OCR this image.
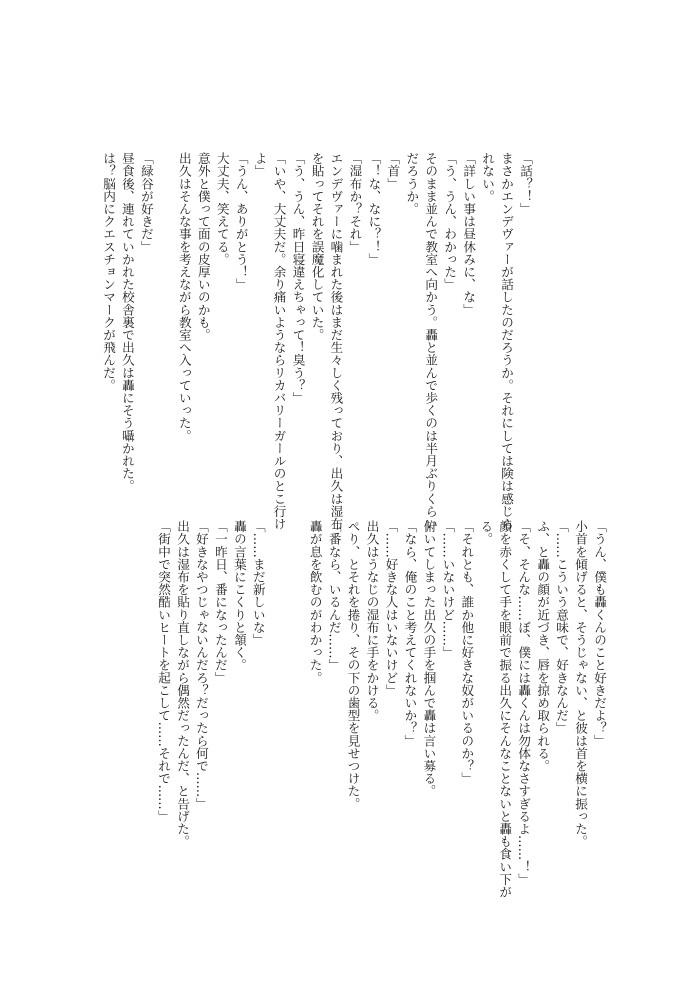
「話？！」
まさかエンデヴァーが話したのだろうか。それにしては険は感じら
れない。
「詳しい事は昼休みに、な」
「う、うん、わかった」
そのまま並んで教室へ向かう。轟と並んで歩くのは半月ぶりくらい
だろうか。
「首」
「！な、なに？！」
「湿布か？それ」
エンデヴァーに噛まれた後はまだ生々しく残っており、出久は湿布
を貼ってそれを誤魔化していた。
「う、うん、昨日寝違えちゃって！臭う？」
「いや、大丈夫だ。余り痛いようならリカバリーガールのとこ行け
よ」
「うん、ありがとう！」
大丈夫、笑えてる。
意外と僕って面の皮厚いのかも。
出久はそんな事を考えながら教室へ入っていった。

「緑谷が好きだ」
昼食後、連れていかれた校舎裏で出久は轟にそう囁かれた。
は？脳内にクエスチョンマークが飛んだ。
「うん、僕も轟くんのこと好きだよ？」
小首を傾げると、そうじゃない、と彼は首を横に振った。
「……こういう意味で、好きなんだ」
ふ、と轟の顔が近づき、唇を掠め取られる。
「そ、そんな……ぼ、僕には轟くんは勿体なさすぎるよ……！」
顔を赤くして手を眼前で振る出久にそんなことないと轟も食い下が
る。
「それとも、誰か他に好きな奴がいるのか？」
「……いないけど……」
俯いてしまった出久の手を掴んで轟は言い募る。
「なら、俺のこと考えてくれないか？」
「……好きな人はいないけど」
出久はうなじの湿布に手をかける。
ぺり、とそれを捲り、その下の歯型を見せつけた。
「番なら、いるんだ……」
轟が息を飲むのがわかった。

「……まだ新しいな」
轟の言葉にこくりと頷く。
「一昨日、番になったんだ」
「好きなやつじゃないんだろ？だったら何で……」
出久は湿布を貼り直しながら偶然だったんだ、と告げた。
「街中で突然酷いヒートを起こして……それで……」
